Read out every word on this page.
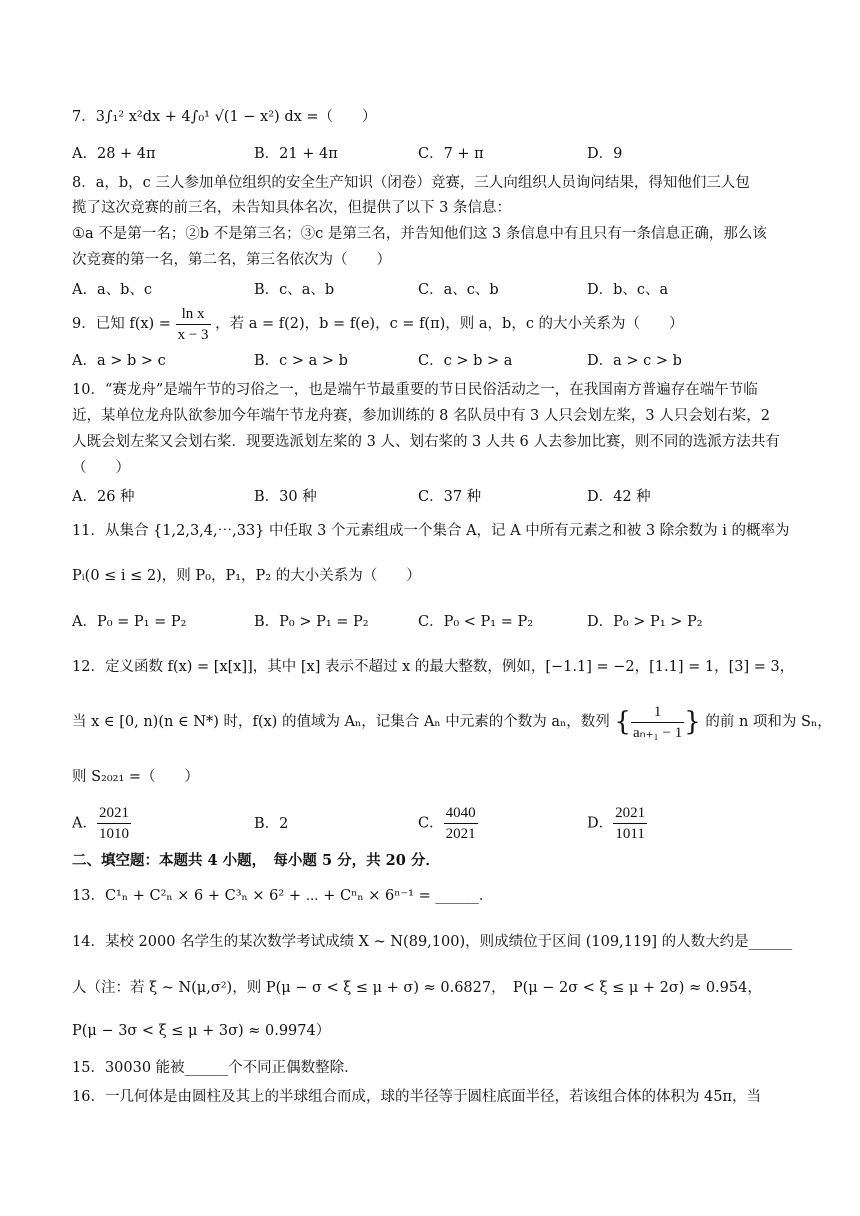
7．3∫₁² x²dx + 4∫₀¹ √(1 − x²) dx =（　　）
A．28 + 4π	B．21 + 4π	C．7 + π	D．9
8．a，b，c 三人参加单位组织的安全生产知识（闭卷）竞赛，三人向组织人员询问结果，得知他们三人包
揽了这次竞赛的前三名，未告知具体名次，但提供了以下 3 条信息：
①a 不是第一名；②b 不是第三名；③c 是第三名，并告知他们这 3 条信息中有且只有一条信息正确，那么该
次竞赛的第一名，第二名，第三名依次为（　　）
A．a、b、c	B．c、a、b	C．a、c、b	D．b、c、a
9．已知 $f(x) = \frac{\text{ln x}}{x - 3}$ ，若 a = f(2)，b = f(e)，c = f(π)，则 a，b，c 的大小关系为（　　）
A．a > b > c	B．c > a > b	C．c > b > a	D．a > c > b
10．“赛龙舟”是端午节的习俗之一，也是端午节最重要的节日民俗活动之一，在我国南方普遍存在端午节临
近，某单位龙舟队欲参加今年端午节龙舟赛，参加训练的 8 名队员中有 3 人只会划左桨，3 人只会划右桨，2
人既会划左桨又会划右桨．现要选派划左桨的 3 人、划右桨的 3 人共 6 人去参加比赛，则不同的选派方法共有
（　　）
A．26 种	B．30 种	C．37 种	D．42 种
11．从集合 {1,2,3,4,⋯,33} 中任取 3 个元素组成一个集合 A，记 A 中所有元素之和被 3 除余数为 i 的概率为
Pᵢ(0 ≤ i ≤ 2)，则 P₀，P₁，P₂ 的大小关系为（　　）
A．P₀ = P₁ = P₂	B．P₀ > P₁ = P₂	C．P₀ < P₁ = P₂	D．P₀ > P₁ > P₂
12．定义函数 f(x) = [x[x]]，其中 [x] 表示不超过 x 的最大整数，例如，[−1.1] = −2，[1.1] = 1，[3] = 3，
当 x ∈ [0, n)(n ∈ N*) 时，f(x) 的值域为 Aₙ，记集合 Aₙ 中元素的个数为 aₙ，数列 { $\frac{1}{\text{aₙ₊₁ − 1}}$ } 的前 n 项和为 Sₙ，
则 S₂₀₂₁ =（　　）
A． $\frac{2021}{1010}$	B．2	C． $\frac{4040}{2021}$	D． $\frac{2021}{1011}$
二、填空题：本题共 4 小题，　每小题 5 分，共 20 分．
13．C¹ₙ + C²ₙ × 6 + C³ₙ × 6² + ⋯ + Cⁿₙ × 6ⁿ⁻¹ = ______．
14．某校 2000 名学生的某次数学考试成绩 X ~ N(89,100)，则成绩位于区间 (109,119] 的人数大约是______
人（注：若 ξ ~ N(μ,σ²)，则 P(μ − σ < ξ ≤ μ + σ) ≈ 0.6827，　P(μ − 2σ < ξ ≤ μ + 2σ) ≈ 0.954，
P(μ − 3σ < ξ ≤ μ + 3σ) ≈ 0.9974）
15．30030 能被______个不同正偶数整除．
16．一几何体是由圆柱及其上的半球组合而成，球的半径等于圆柱底面半径，若该组合体的体积为 45π，当
